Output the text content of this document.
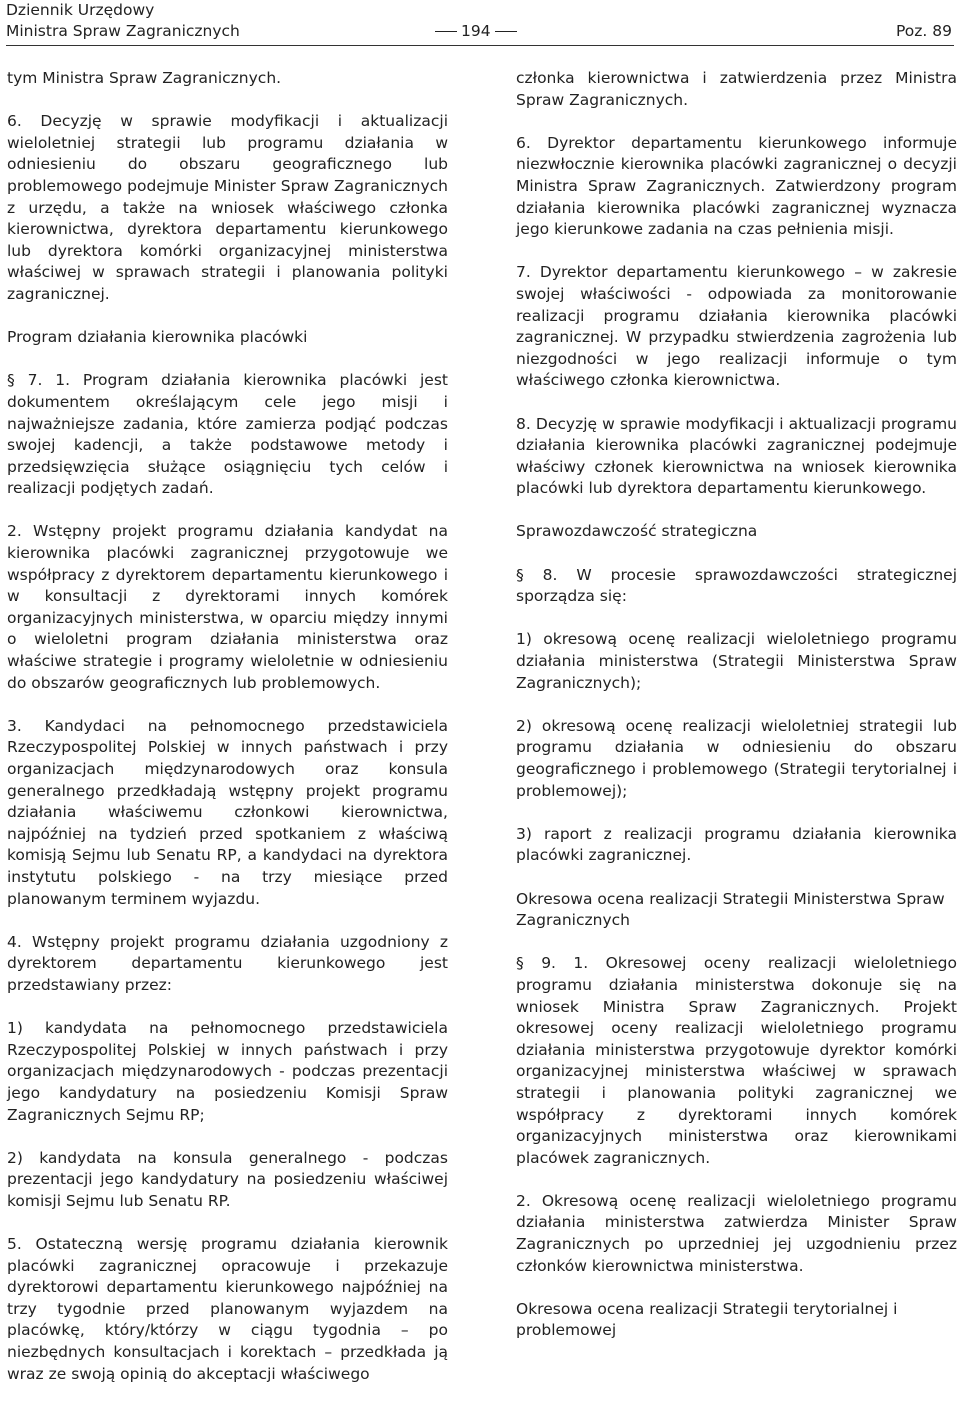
Dziennik Urzędowy
Ministra Spraw Zagranicznych	194	Poz. 89

tym Ministra Spraw Zagranicznych.

6. Decyzję w sprawie modyfikacji i aktualizacji wieloletniej strategii lub programu działania w odniesieniu do obszaru geograficznego lub problemowego podejmuje Minister Spraw Zagranicznych z urzędu, a także na wniosek właściwego członka kierownictwa, dyrektora departamentu kierunkowego lub dyrektora komórki organizacyjnej ministerstwa właściwej w sprawach strategii i planowania polityki zagranicznej.

Program działania kierownika placówki

§ 7. 1. Program działania kierownika placówki jest dokumentem określającym cele jego misji i najważniejsze zadania, które zamierza podjąć podczas swojej kadencji, a także podstawowe metody i przedsięwzięcia służące osiągnięciu tych celów i realizacji podjętych zadań.

2. Wstępny projekt programu działania kandydat na kierownika placówki zagranicznej przygotowuje we współpracy z dyrektorem departamentu kierunkowego i w konsultacji z dyrektorami innych komórek organizacyjnych ministerstwa, w oparciu między innymi o wieloletni program działania ministerstwa oraz właściwe strategie i programy wieloletnie w odniesieniu do obszarów geograficznych lub problemowych.

3. Kandydaci na pełnomocnego przedstawiciela Rzeczypospolitej Polskiej w innych państwach i przy organizacjach międzynarodowych oraz konsula generalnego przedkładają wstępny projekt programu działania właściwemu członkowi kierownictwa, najpóźniej na tydzień przed spotkaniem z właściwą komisją Sejmu lub Senatu RP, a kandydaci na dyrektora instytutu polskiego - na trzy miesiące przed planowanym terminem wyjazdu.

4. Wstępny projekt programu działania uzgodniony z dyrektorem departamentu kierunkowego jest przedstawiany przez:

1) kandydata na pełnomocnego przedstawiciela Rzeczypospolitej Polskiej w innych państwach i przy organizacjach międzynarodowych - podczas prezentacji jego kandydatury na posiedzeniu Komisji Spraw Zagranicznych Sejmu RP;

2) kandydata na konsula generalnego - podczas prezentacji jego kandydatury na posiedzeniu właściwej komisji Sejmu lub Senatu RP.

5. Ostateczną wersję programu działania kierownik placówki zagranicznej opracowuje i przekazuje dyrektorowi departamentu kierunkowego najpóźniej na trzy tygodnie przed planowanym wyjazdem na placówkę, który/którzy w ciągu tygodnia – po niezbędnych konsultacjach i korektach – przedkłada ją wraz ze swoją opinią do akceptacji właściwego

członka kierownictwa i zatwierdzenia przez Ministra Spraw Zagranicznych.

6. Dyrektor departamentu kierunkowego informuje niezwłocznie kierownika placówki zagranicznej o decyzji Ministra Spraw Zagranicznych. Zatwierdzony program działania kierownika placówki zagranicznej wyznacza jego kierunkowe zadania na czas pełnienia misji.

7. Dyrektor departamentu kierunkowego – w zakresie swojej właściwości - odpowiada za monitorowanie realizacji programu działania kierownika placówki zagranicznej. W przypadku stwierdzenia zagrożenia lub niezgodności w jego realizacji informuje o tym właściwego członka kierownictwa.

8. Decyzję w sprawie modyfikacji i aktualizacji programu działania kierownika placówki zagranicznej podejmuje właściwy członek kierownictwa na wniosek kierownika placówki lub dyrektora departamentu kierunkowego.

Sprawozdawczość strategiczna

§ 8. W procesie sprawozdawczości strategicznej sporządza się:

1) okresową ocenę realizacji wieloletniego programu działania ministerstwa (Strategii Ministerstwa Spraw Zagranicznych);

2) okresową ocenę realizacji wieloletniej strategii lub programu działania w odniesieniu do obszaru geograficznego i problemowego (Strategii terytorialnej i problemowej);

3) raport z realizacji programu działania kierownika placówki zagranicznej.

Okresowa ocena realizacji Strategii Ministerstwa Spraw Zagranicznych

§ 9. 1. Okresowej oceny realizacji wieloletniego programu działania ministerstwa dokonuje się na wniosek Ministra Spraw Zagranicznych. Projekt okresowej oceny realizacji wieloletniego programu działania ministerstwa przygotowuje dyrektor komórki organizacyjnej ministerstwa właściwej w sprawach strategii i planowania polityki zagranicznej we współpracy z dyrektorami innych komórek organizacyjnych ministerstwa oraz kierownikami placówek zagranicznych.

2. Okresową ocenę realizacji wieloletniego programu działania ministerstwa zatwierdza Minister Spraw Zagranicznych po uprzedniej jej uzgodnieniu przez członków kierownictwa ministerstwa.

Okresowa ocena realizacji Strategii terytorialnej i problemowej
